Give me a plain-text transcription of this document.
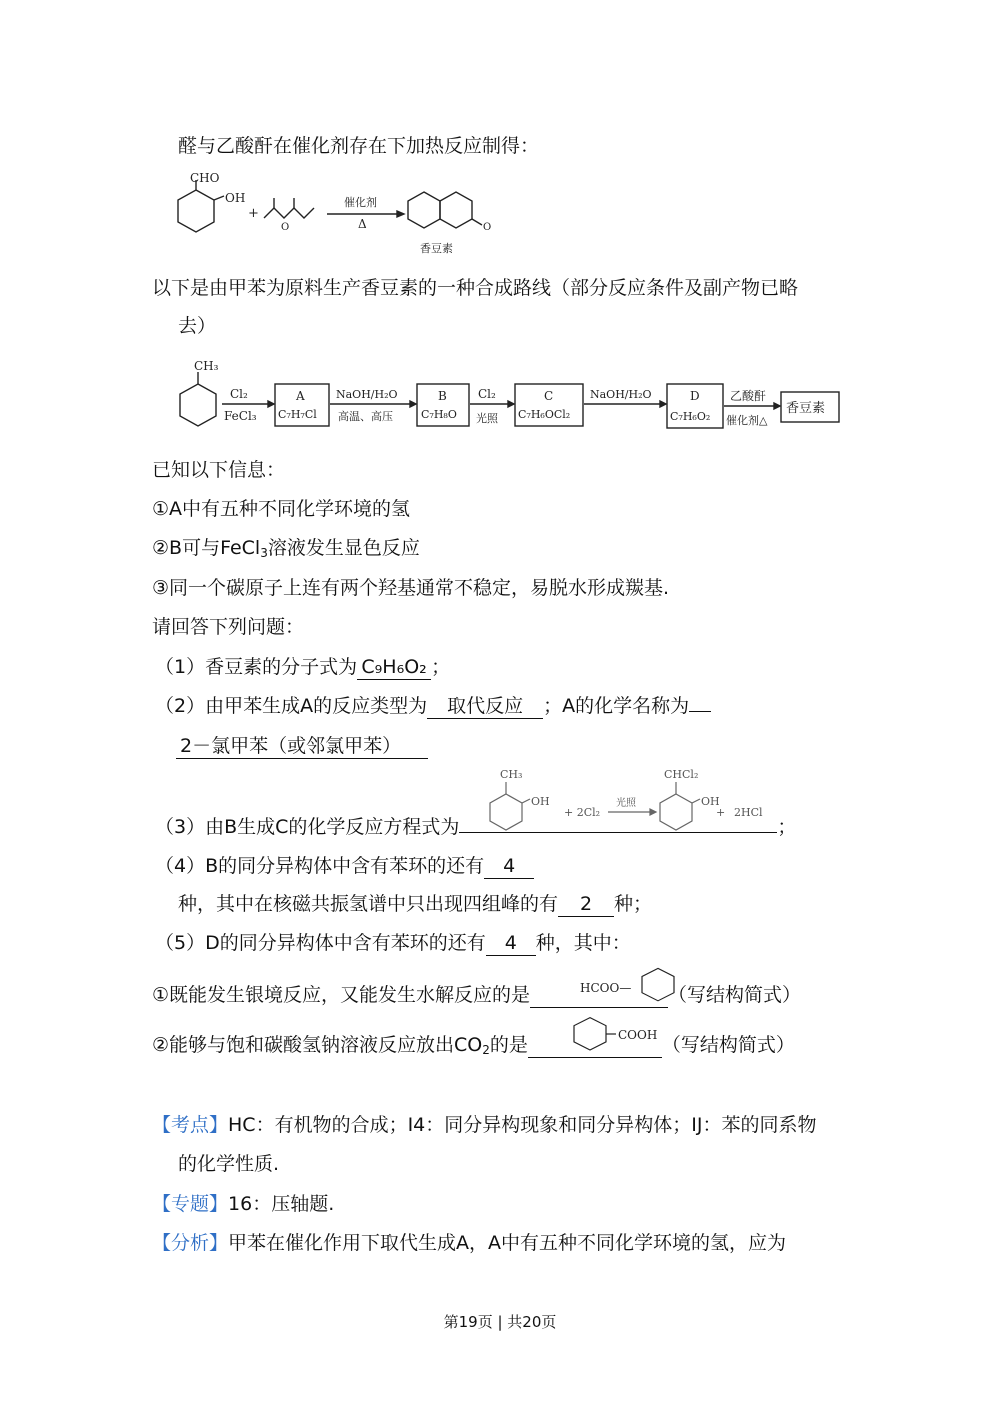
醛与乙酸酐在催化剂存在下加热反应制得：
CHO
OH
+
O
催化剂
Δ	O
香豆素
以下是由甲苯为原料生产香豆素的一种合成路线（部分反应条件及副产物已略
去）
CH₃
Cl₂
FeCl₃
A
C₇H₇Cl
NaOH/H₂O
高温、高压
B
C₇H₈O
Cl₂
光照
C
C₇H₆OCl₂
NaOH/H₂O	D
C₇H₆O₂
乙酸酐
催化剂△
香豆素
已知以下信息：
①A中有五种不同化学环境的氢
②B可与FeCl$_3$溶液发生显色反应
③同一个碳原子上连有两个羟基通常不稳定，易脱水形成羰基.
请回答下列问题：
（1）香豆素的分子式为 C₉H₆O₂ ；
（2）由甲苯生成A的反应类型为 取代反应 ；A的化学名称为
2－氯甲苯（或邻氯甲苯）
（3）由B生成C的化学反应方程式为	；
CH₃
OH
+ 2Cl₂
光照
CHCl₂
OH
+ 2HCl
（4）B的同分异构体中含有苯环的还有 4
种，其中在核磁共振氢谱中只出现四组峰的有 2 种；
（5）D的同分异构体中含有苯环的还有 4 种，其中：
①既能发生银境反应，又能发生水解反应的是	（写结构简式）
HCOO—
②能够与饱和碳酸氢钠溶液反应放出$CO_2$的是	（写结构简式）
COOH
【考点】HC：有机物的合成；I4：同分异构现象和同分异构体；IJ：苯的同系物
的化学性质.
【专题】16：压轴题.
【分析】甲苯在催化作用下取代生成A，A中有五种不同化学环境的氢，应为
第19页 | 共20页
